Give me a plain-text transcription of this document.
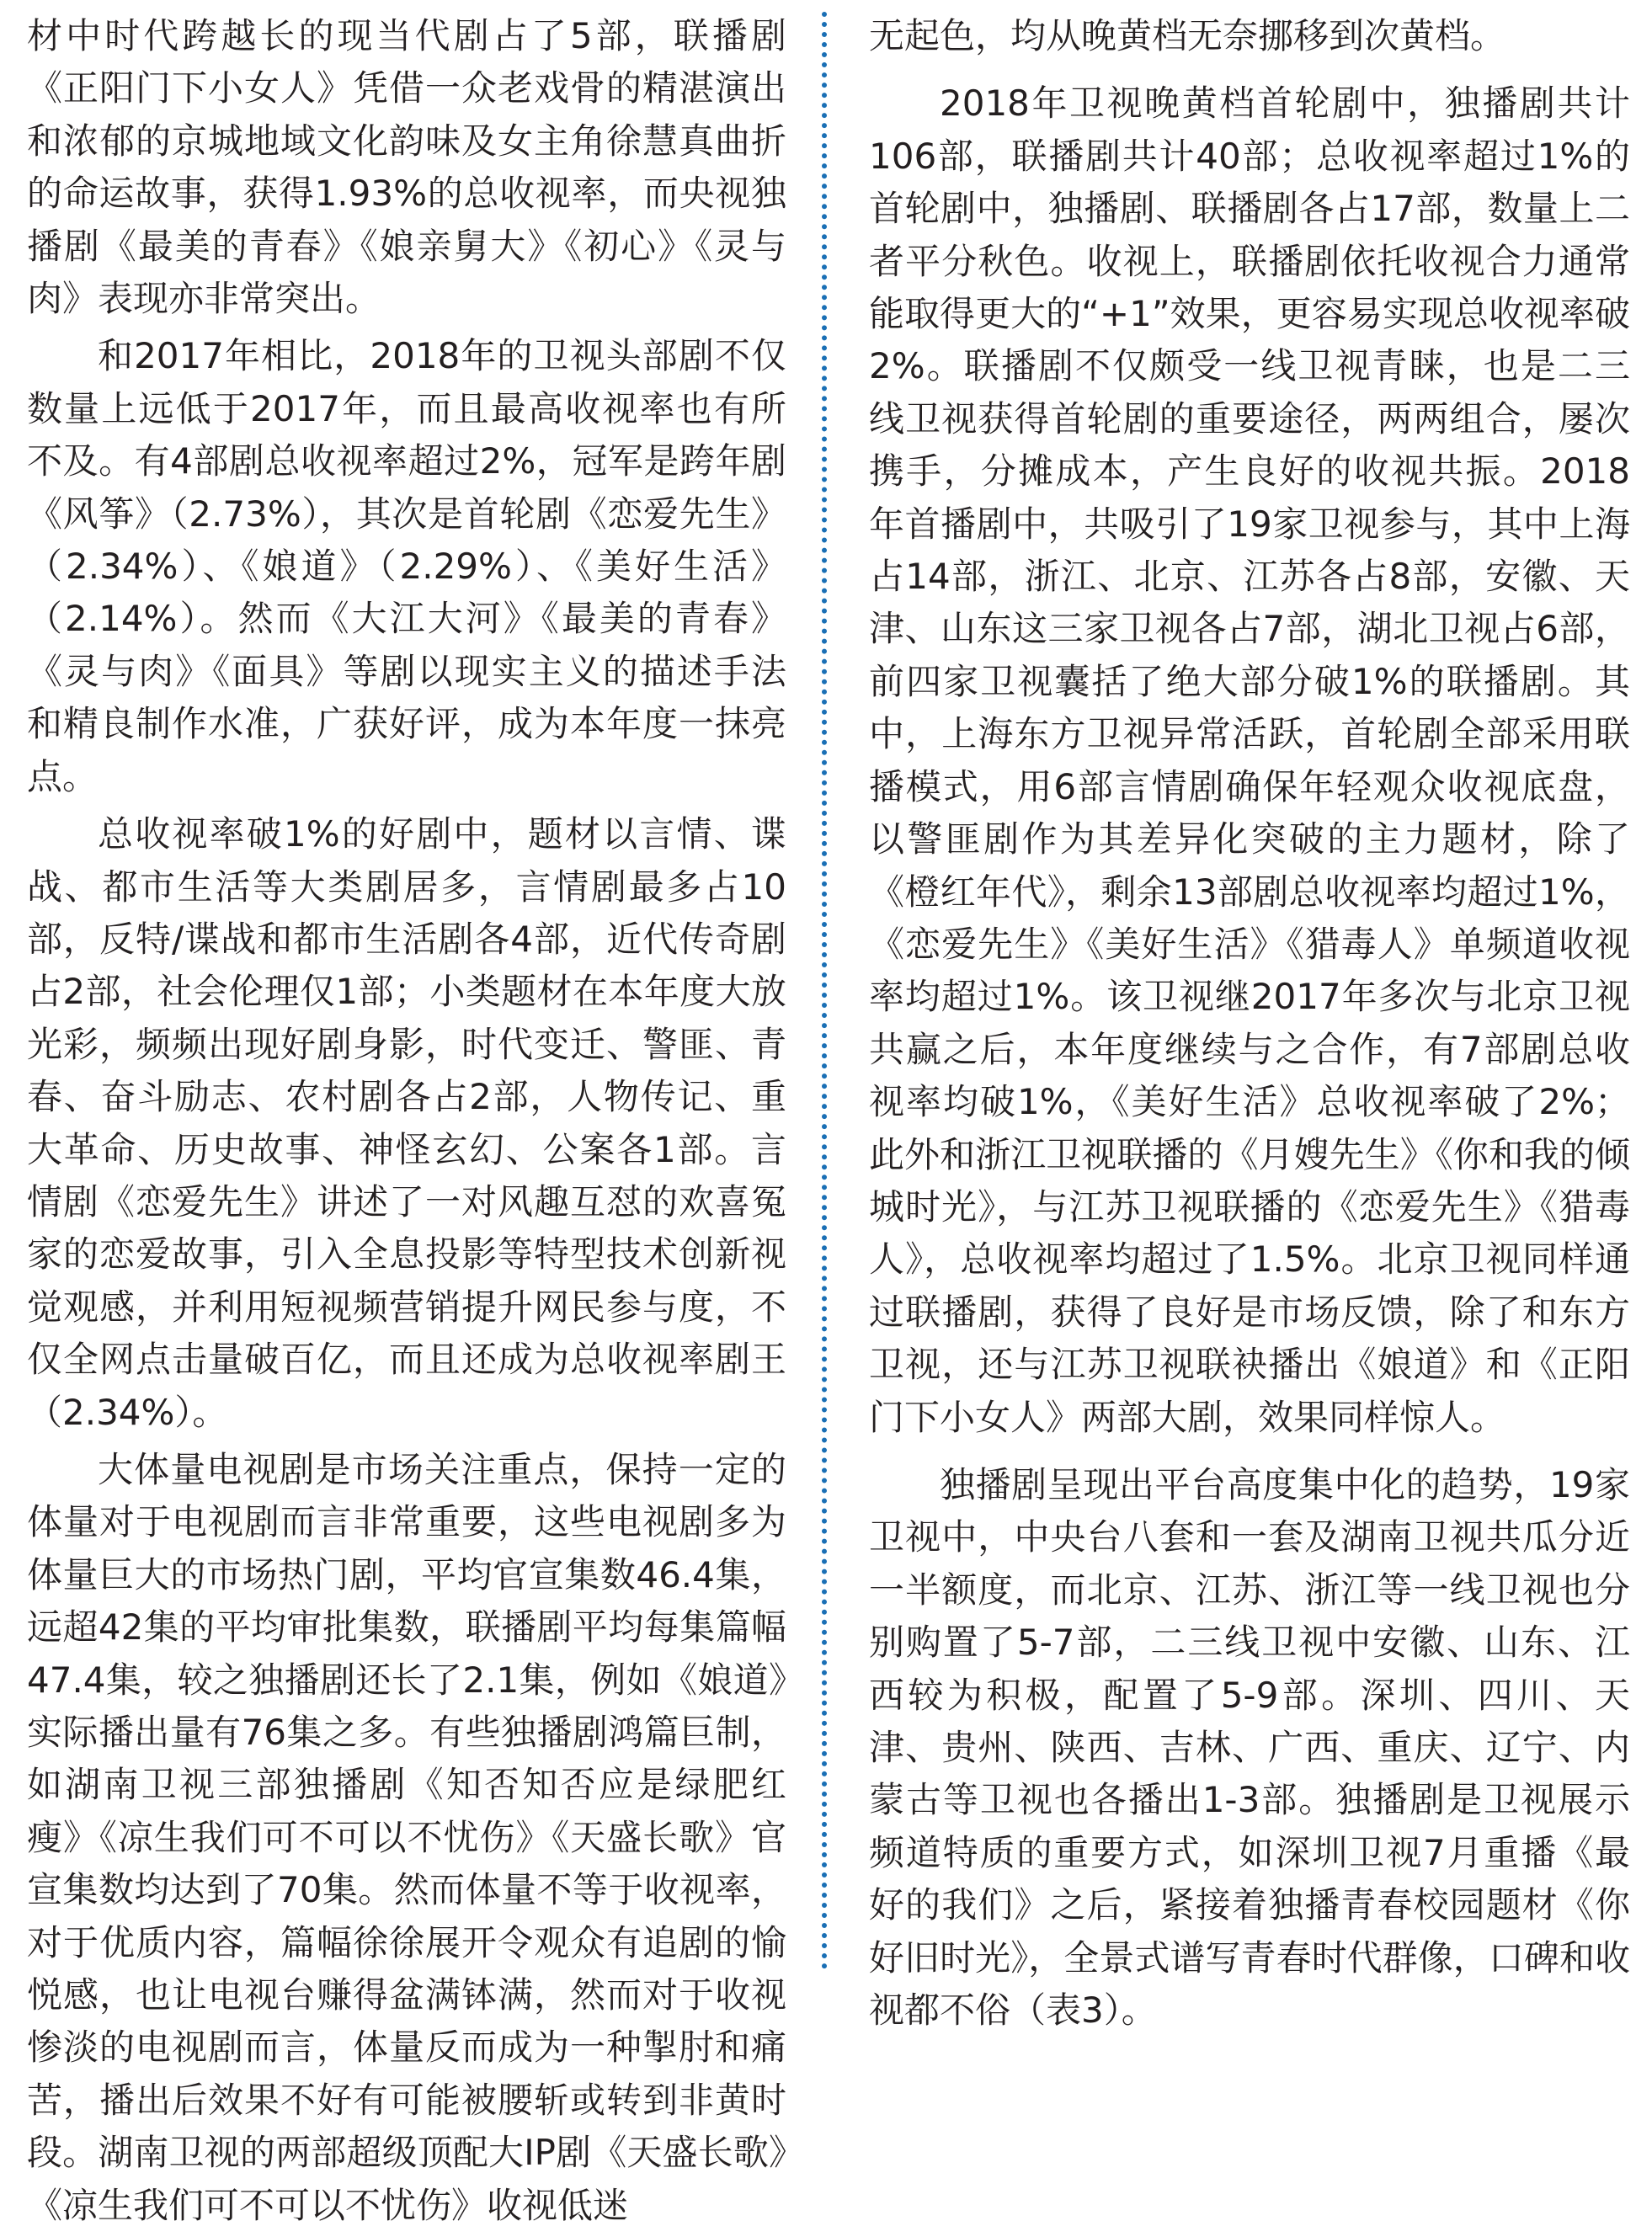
材中时代跨越长的现当代剧占了5部，联播剧《正阳门下小女人》凭借一众老戏骨的精湛演出和浓郁的京城地域文化韵味及女主角徐慧真曲折的命运故事，获得1.93%的总收视率，而央视独播剧《最美的青春》《娘亲舅大》《初心》《灵与肉》表现亦非常突出。

和2017年相比，2018年的卫视头部剧不仅数量上远低于2017年，而且最高收视率也有所不及。有4部剧总收视率超过2%，冠军是跨年剧《风筝》（2.73%），其次是首轮剧《恋爱先生》（2.34%）、《娘道》（2.29%）、《美好生活》（2.14%）。然而《大江大河》《最美的青春》《灵与肉》《面具》等剧以现实主义的描述手法和精良制作水准，广获好评，成为本年度一抹亮点。

总收视率破1%的好剧中，题材以言情、谍战、都市生活等大类剧居多，言情剧最多占10部，反特/谍战和都市生活剧各4部，近代传奇剧占2部，社会伦理仅1部；小类题材在本年度大放光彩，频频出现好剧身影，时代变迁、警匪、青春、奋斗励志、农村剧各占2部，人物传记、重大革命、历史故事、神怪玄幻、公案各1部。言情剧《恋爱先生》讲述了一对风趣互怼的欢喜冤家的恋爱故事，引入全息投影等特型技术创新视觉观感，并利用短视频营销提升网民参与度，不仅全网点击量破百亿，而且还成为总收视率剧王（2.34%）。

大体量电视剧是市场关注重点，保持一定的体量对于电视剧而言非常重要，这些电视剧多为体量巨大的市场热门剧，平均官宣集数46.4集，远超42集的平均审批集数，联播剧平均每集篇幅47.4集，较之独播剧还长了2.1集，例如《娘道》实际播出量有76集之多。有些独播剧鸿篇巨制，如湖南卫视三部独播剧《知否知否应是绿肥红瘦》《凉生我们可不可以不忧伤》《天盛长歌》官宣集数均达到了70集。然而体量不等于收视率，对于优质内容，篇幅徐徐展开令观众有追剧的愉悦感，也让电视台赚得盆满钵满，然而对于收视惨淡的电视剧而言，体量反而成为一种掣肘和痛苦，播出后效果不好有可能被腰斩或转到非黄时段。湖南卫视的两部超级顶配大IP剧《天盛长歌》《凉生我们可不可以不忧伤》收视低迷

无起色，均从晚黄档无奈挪移到次黄档。

2018年卫视晚黄档首轮剧中，独播剧共计106部，联播剧共计40部；总收视率超过1%的首轮剧中，独播剧、联播剧各占17部，数量上二者平分秋色。收视上，联播剧依托收视合力通常能取得更大的“+1”效果，更容易实现总收视率破2%。联播剧不仅颇受一线卫视青睐，也是二三线卫视获得首轮剧的重要途径，两两组合，屡次携手，分摊成本，产生良好的收视共振。2018年首播剧中，共吸引了19家卫视参与，其中上海占14部，浙江、北京、江苏各占8部，安徽、天津、山东这三家卫视各占7部，湖北卫视占6部，前四家卫视囊括了绝大部分破1%的联播剧。其中，上海东方卫视异常活跃，首轮剧全部采用联播模式，用6部言情剧确保年轻观众收视底盘，以警匪剧作为其差异化突破的主力题材，除了《橙红年代》，剩余13部剧总收视率均超过1%，《恋爱先生》《美好生活》《猎毒人》单频道收视率均超过1%。该卫视继2017年多次与北京卫视共赢之后，本年度继续与之合作，有7部剧总收视率均破1%，《美好生活》总收视率破了2%；此外和浙江卫视联播的《月嫂先生》《你和我的倾城时光》，与江苏卫视联播的《恋爱先生》《猎毒人》，总收视率均超过了1.5%。北京卫视同样通过联播剧，获得了良好是市场反馈，除了和东方卫视，还与江苏卫视联袂播出《娘道》和《正阳门下小女人》两部大剧，效果同样惊人。

独播剧呈现出平台高度集中化的趋势，19家卫视中，中央台八套和一套及湖南卫视共瓜分近一半额度，而北京、江苏、浙江等一线卫视也分别购置了5-7部，二三线卫视中安徽、山东、江西较为积极，配置了5-9部。深圳、四川、天津、贵州、陕西、吉林、广西、重庆、辽宁、内蒙古等卫视也各播出1-3部。独播剧是卫视展示频道特质的重要方式，如深圳卫视7月重播《最好的我们》之后，紧接着独播青春校园题材《你好旧时光》，全景式谱写青春时代群像，口碑和收视都不俗（表3）。
